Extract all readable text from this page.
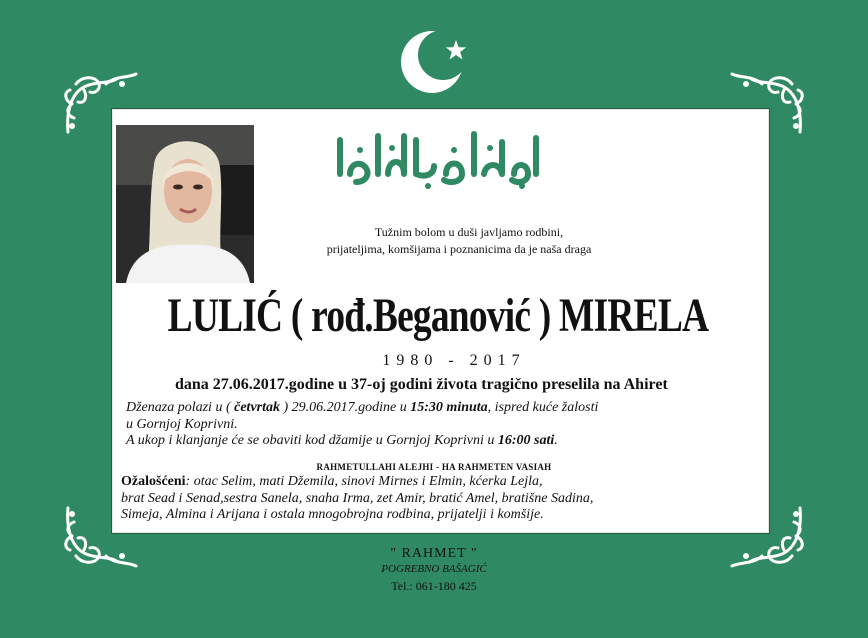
Tužnim bolom u duši javljamo rodbini,
prijateljima, komšijama i poznanicima da je naša draga
LULIĆ ( rođ.Beganović ) MIRELA
1980 - 2017
dana 27.06.2017.godine u 37-oj godini života tragično preselila na Ahiret
Dženaza polazi u ( četvrtak ) 29.06.2017.godine u 15:30 minuta, ispred kuće žalosti
u Gornjoj Koprivni.
A ukop i klanjanje će se obaviti kod džamije u Gornjoj Koprivni u 16:00 sati.
RAHMETULLAHI ALEJHI - HA RAHMETEN VASIAH
Ožalošćeni: otac Selim, mati Džemila, sinovi Mirnes i Elmin, kćerka Lejla,
brat Sead i Senad,sestra Sanela, snaha Irma, zet Amir, bratić Amel, bratišne Sadina,
Simeja, Almina i Arijana i ostala mnogobrojna rodbina, prijatelji i komšije.
" RAHMET "
POGREBNO BAŠAGIĆ
Tel.: 061-180 425
